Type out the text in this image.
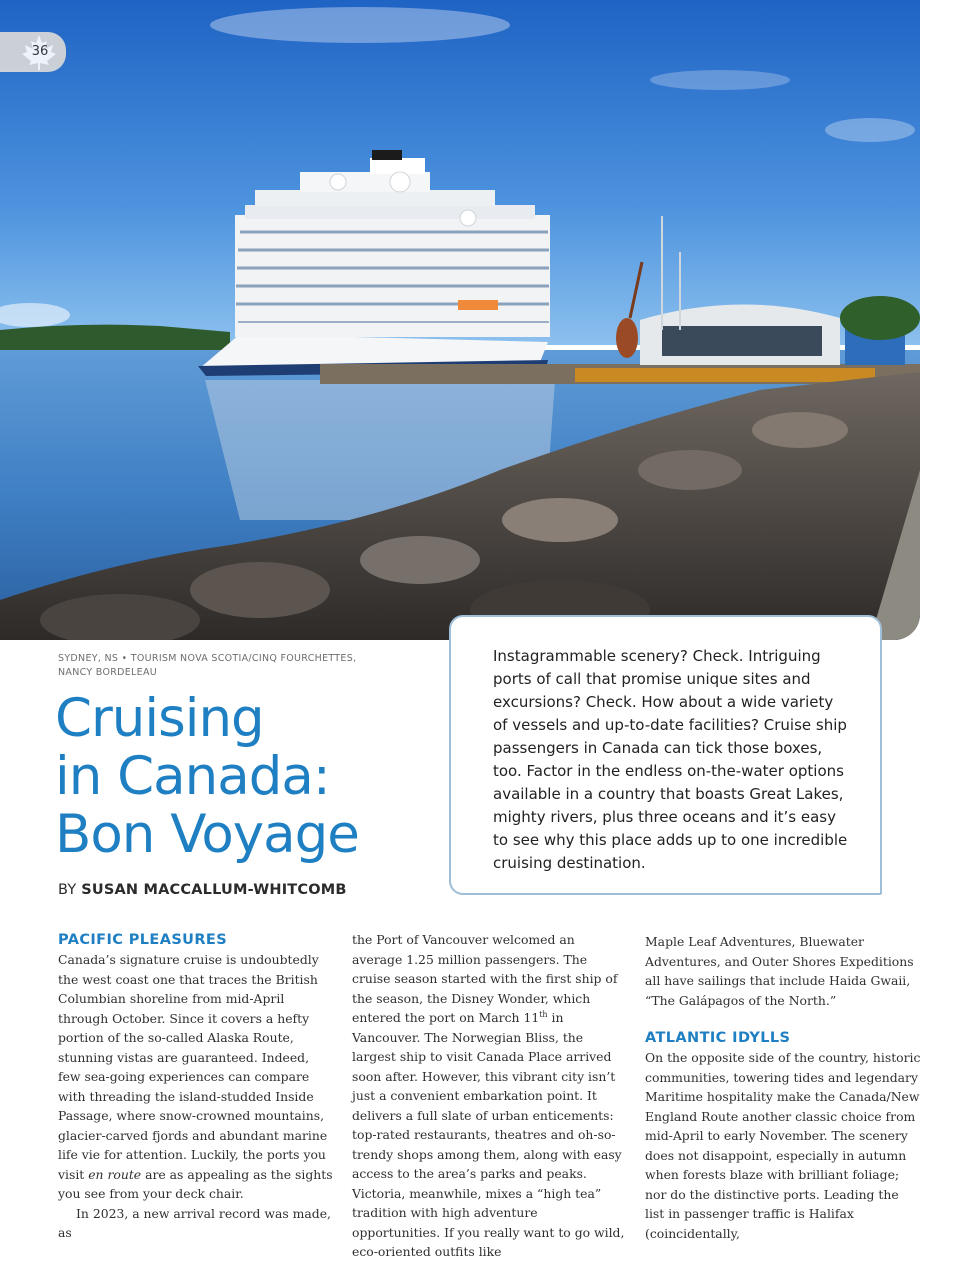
36
SYDNEY, NS • TOURISM NOVA SCOTIA/CINQ FOURCHETTES,
NANCY BORDELEAU
Cruising
in Canada:
Bon Voyage
BY SUSAN MACCALLUM-WHITCOMB

Instagrammable scenery? Check. Intriguing ports of call that promise unique sites and excursions? Check. How about a wide variety of vessels and up-to-date facilities? Cruise ship passengers in Canada can tick those boxes, too. Factor in the endless on-the-water options available in a country that boasts Great Lakes, mighty rivers, plus three oceans and it’s easy to see why this place adds up to one incredible cruising destination.

PACIFIC PLEASURES

Canada’s signature cruise is undoubtedly the west coast one that traces the British Columbian shoreline from mid-April through October. Since it covers a hefty portion of the so-called Alaska Route, stunning vistas are guaranteed. Indeed, few sea-going experiences can compare with threading the island-studded Inside Passage, where snow-crowned mountains, glacier-carved fjords and abundant marine life vie for attention. Luckily, the ports you visit en route are as appealing as the sights you see from your deck chair.

In 2023, a new arrival record was made, as

the Port of Vancouver welcomed an average 1.25 million passengers. The cruise season started with the first ship of the season, the Disney Wonder, which entered the port on March 11th in Vancouver. The Norwegian Bliss, the largest ship to visit Canada Place arrived soon after. However, this vibrant city isn’t just a convenient embarkation point. It delivers a full slate of urban enticements: top-rated restaurants, theatres and oh-so-trendy shops among them, along with easy access to the area’s parks and peaks. Victoria, meanwhile, mixes a “high tea” tradition with high adventure opportunities. If you really want to go wild, eco-oriented outfits like

Maple Leaf Adventures, Bluewater Adventures, and Outer Shores Expeditions all have sailings that include Haida Gwaii, “The Galápagos of the North.”

ATLANTIC IDYLLS

On the opposite side of the country, historic communities, towering tides and legendary Maritime hospitality make the Canada/New England Route another classic choice from mid-April to early November. The scenery does not disappoint, especially in autumn when forests blaze with brilliant foliage; nor do the distinctive ports. Leading the list in passenger traffic is Halifax (coincidentally,
